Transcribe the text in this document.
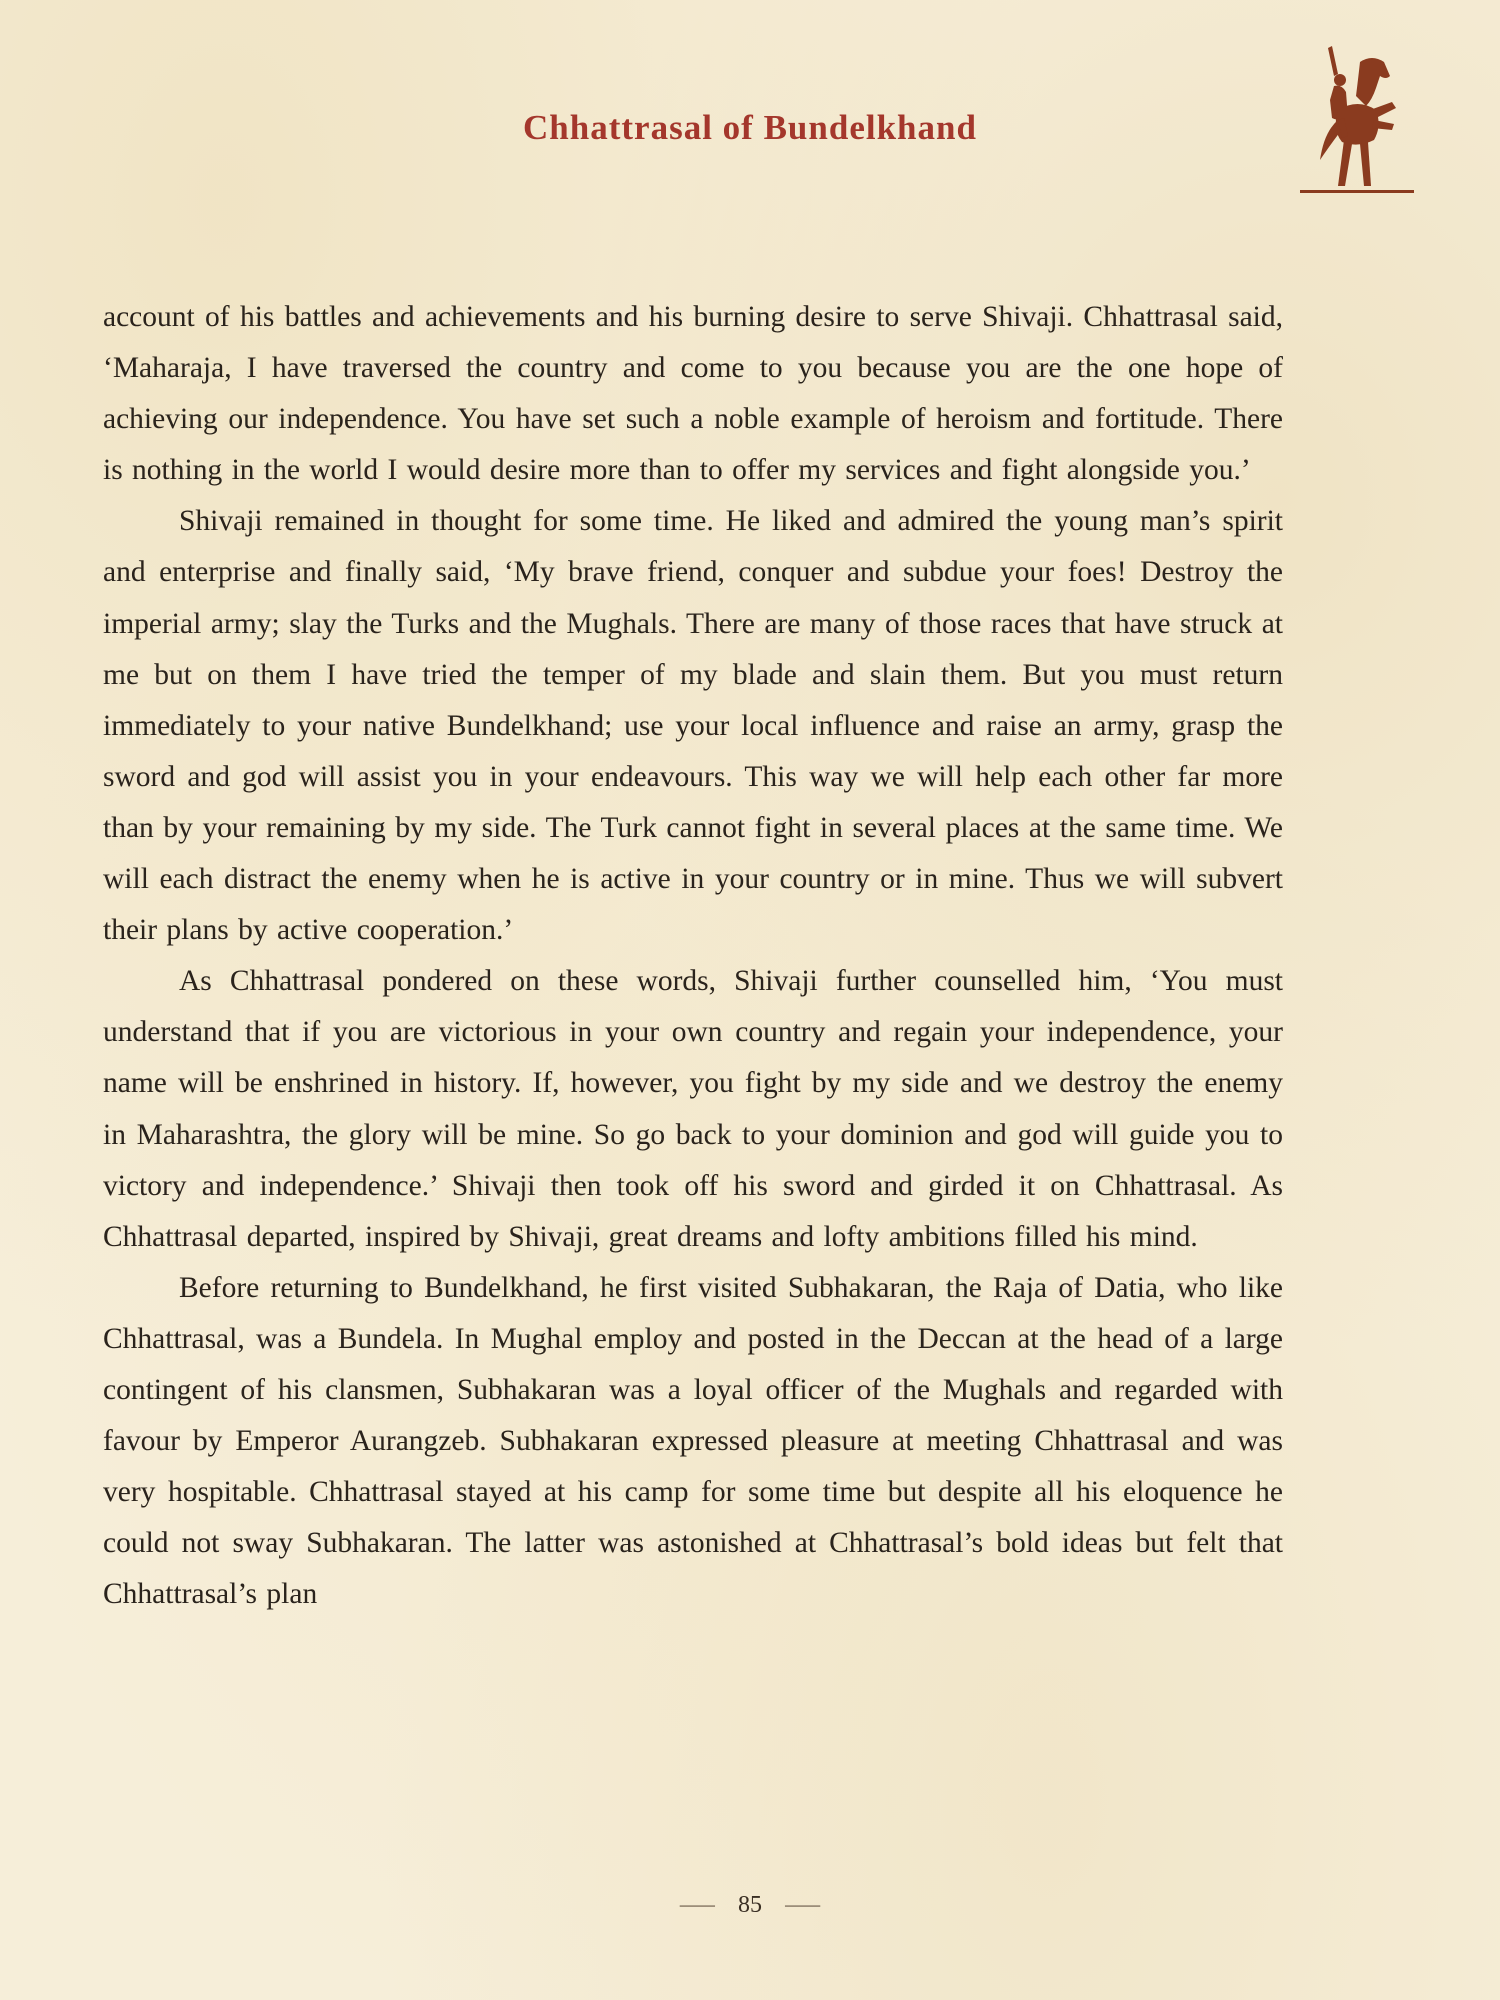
Chhattrasal of Bundelkhand

account of his battles and achievements and his burning desire to serve Shivaji. Chhattrasal said, ‘Maharaja, I have traversed the country and come to you because you are the one hope of achieving our independence. You have set such a noble example of heroism and fortitude. There is nothing in the world I would desire more than to offer my services and fight alongside you.’

Shivaji remained in thought for some time. He liked and admired the young man’s spirit and enterprise and finally said, ‘My brave friend, conquer and subdue your foes! Destroy the imperial army; slay the Turks and the Mughals. There are many of those races that have struck at me but on them I have tried the temper of my blade and slain them. But you must return immediately to your native Bundelkhand; use your local influence and raise an army, grasp the sword and god will assist you in your endeavours. This way we will help each other far more than by your remaining by my side. The Turk cannot fight in several places at the same time. We will each distract the enemy when he is active in your country or in mine. Thus we will subvert their plans by active cooperation.’

As Chhattrasal pondered on these words, Shivaji further counselled him, ‘You must understand that if you are victorious in your own country and regain your independence, your name will be enshrined in history. If, however, you fight by my side and we destroy the enemy in Maharashtra, the glory will be mine. So go back to your dominion and god will guide you to victory and independence.’ Shivaji then took off his sword and girded it on Chhattrasal. As Chhattrasal departed, inspired by Shivaji, great dreams and lofty ambitions filled his mind.

Before returning to Bundelkhand, he first visited Subhakaran, the Raja of Datia, who like Chhattrasal, was a Bundela. In Mughal employ and posted in the Deccan at the head of a large contingent of his clansmen, Subhakaran was a loyal officer of the Mughals and regarded with favour by Emperor Aurangzeb. Subhakaran expressed pleasure at meeting Chhattrasal and was very hospitable. Chhattrasal stayed at his camp for some time but despite all his eloquence he could not sway Subhakaran. The latter was astonished at Chhattrasal’s bold ideas but felt that Chhattrasal’s plan

⸺ 85 ⸺
